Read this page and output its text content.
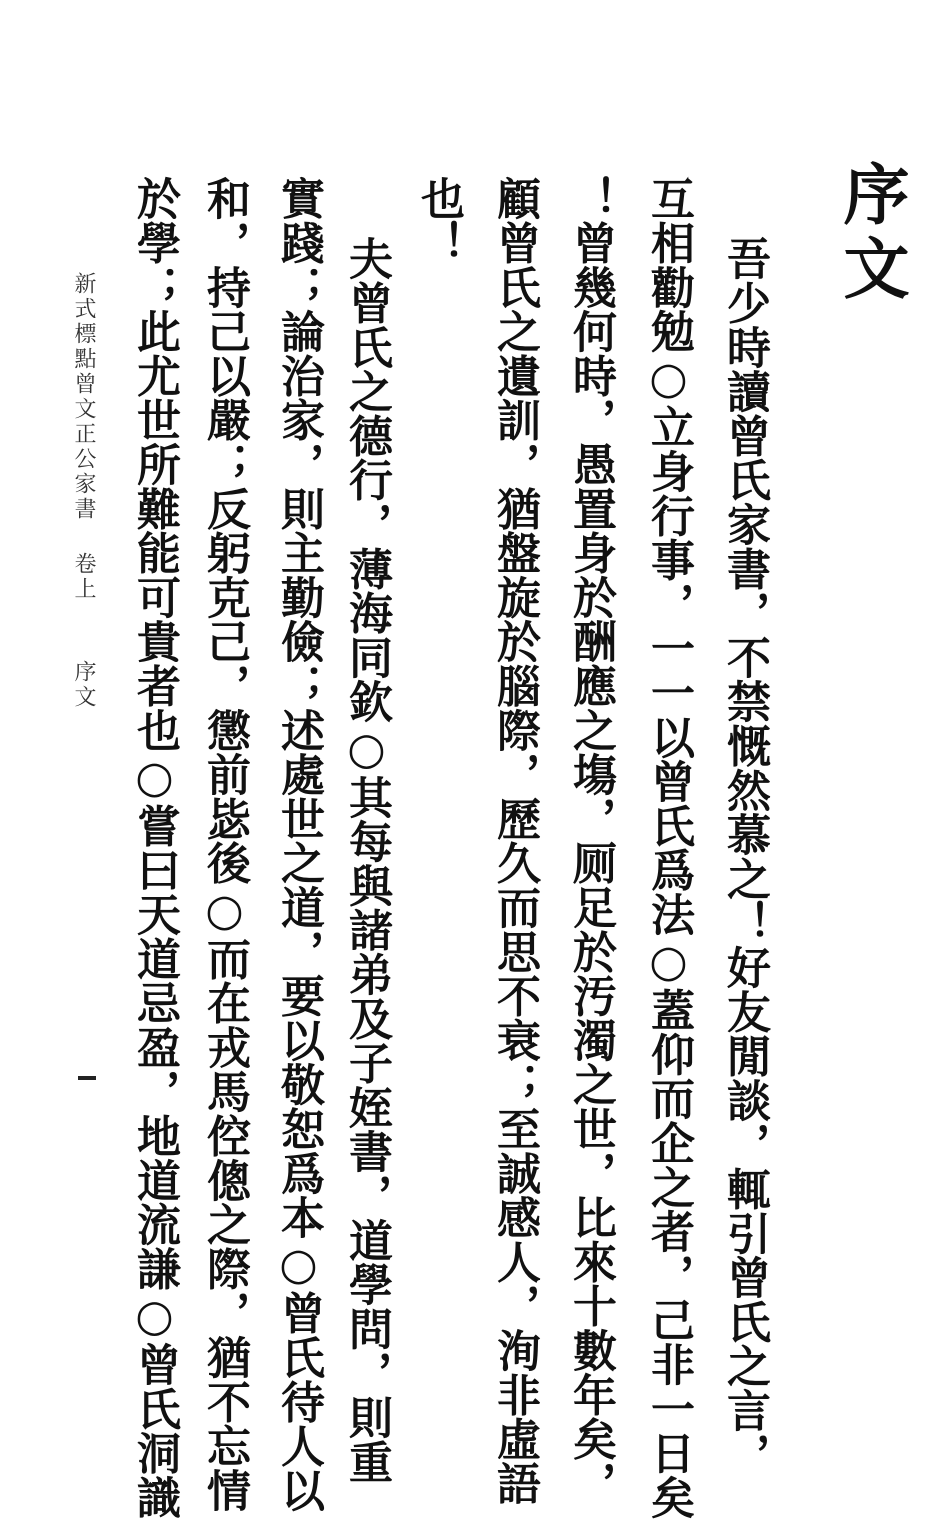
序文
吾少時讀曾氏家書，不禁慨然慕之！好友閒談，輒引曾氏之言，
互相勸勉○立身行事，一一以曾氏爲法○蓋仰而企之者，己非一日矣
！曾幾何時，愚置身於酬應之塲，厕足於汚濁之世，比來十數年矣，
顧曾氏之遺訓，猶盤旋於腦際，歷久而思不衰；至誠感人，洵非虛語
也！
夫曾氏之德行，薄海同欽○其每與諸弟及子姪書，道學問，則重
實踐；論治家，則主勤儉；述處世之道，要以敬恕爲本○曾氏待人以
和，持己以嚴；反躬克己，懲前毖後○而在戎馬倥傯之際，猶不忘情
於學；此尤世所難能可貴者也○嘗曰天道忌盈，地道流謙○曾氏洞識
新式標點曾文正公家書卷上序文
